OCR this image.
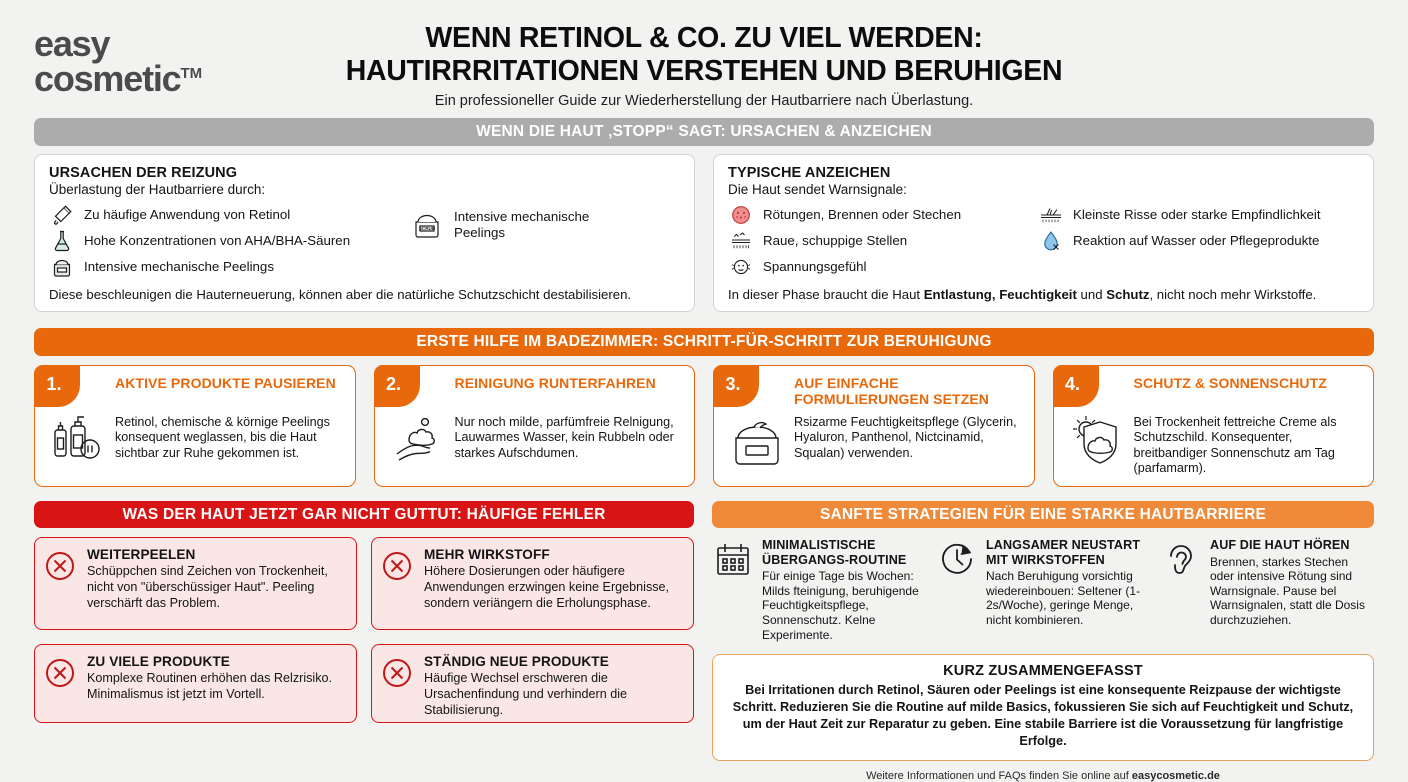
easy
cosmetic™
WENN RETINOL & CO. ZU VIEL WERDEN:
HAUTIRRRITATIONEN VERSTEHEN UND BERUHIGEN
Ein professioneller Guide zur Wiederherstellung der Hautbarriere nach Überlastung.
WENN DIE HAUT ‚STOPP“ SAGT: URSACHEN & ANZEICHEN
URSACHEN DER REIZUNG
Überlastung der Hautbarriere durch:
Zu häufige Anwendung von Retinol
Hohe Konzentrationen von AHA/BHA-Säuren
Intensive mechanische Peelings
SCRUB
Intensive mechanische Peelings
Diese beschleunigen die Hauterneuerung, können aber die natürliche Schutzschicht destabilisieren.
TYPISCHE ANZEICHEN
Die Haut sendet Warnsignale:
Rötungen, Brennen oder Stechen
Raue, schuppige Stellen
Spannungsgefühl
Kleinste Risse oder starke Empfindlichkeit
Reaktion auf Wasser oder Pflegeprodukte
In dieser Phase braucht die Haut Entlastung, Feuchtigkeit und Schutz, nicht noch mehr Wirkstoffe.
ERSTE HILFE IM BADEZIMMER: SCHRITT-FÜR-SCHRITT ZUR BERUHIGUNG
1.	AKTIVE PRODUKTE PAUSIEREN
Retinol, chemische & körnige Peelings konsequent weglassen, bis die Haut sichtbar zur Ruhe gekommen ist.
2.	REINIGUNG RUNTERFAHREN
Nur noch milde, parfümfreie Relnigung, Lauwarmes Wasser, kein Rubbeln oder starkes Aufschdumen.
3.	AUF EINFACHE FORMULIERUNGEN SETZEN
Rsizarme Feuchtigkeitspflege (Glycerin, Hyaluron, Panthenol, Nictcinamid, Squalan) verwenden.
4.	SCHUTZ & SONNENSCHUTZ
Bei Trockenheit fettreiche Creme als Schutzschild. Konsequenter, breitbandiger Sonnenschutz am Tag (parfamarm).
WAS DER HAUT JETZT GAR NICHT GUTTUT: HÄUFIGE FEHLER
WEITERPEELEN
Schüppchen sind Zeichen von Trockenheit, nicht von "überschüssiger Haut". Peeling verschärft das Problem.
MEHR WIRKSTOFF
Höhere Dosierungen oder häufigere Anwendungen erzwingen keine Ergebnisse, sondern veriängern die Erholungsphase.
ZU VIELE PRODUKTE
Komplexe Routinen erhöhen das Relzrisiko. Minimalismus ist jetzt im Vortell.
STÄNDIG NEUE PRODUKTE
Häufige Wechsel erschweren die Ursachenfindung und verhindern die Stabilisierung.
SANFTE STRATEGIEN FÜR EINE STARKE HAUTBARRIERE
MINIMALISTISCHE ÜBERGANGS-ROUTINE
Für einige Tage bis Wochen: Milds fteinigung, beruhigende Feuchtigkeitspflege, Sonnenschutz. Kelne Experimente.
LANGSAMER NEUSTART MIT WIRKSTOFFEN
Nach Beruhigung vorsichtig wiedereinbouen: Seltener (1-2s/Woche), geringe Menge, nicht kombinieren.
AUF DIE HAUT HÖREN
Brennen, starkes Stechen oder intensive Rötung sind Warnsignale. Pause bel Warnsignalen, statt dle Dosis durchzuziehen.
KURZ ZUSAMMENGEFASST
Bei Irritationen durch Retinol, Säuren oder Peelings ist eine konsequente Reizpause der wichtigste Schritt. Reduzieren Sie die Routine auf milde Basics, fokussieren Sie sich auf Feuchtigkeit und Schutz, um der Haut Zeit zur Reparatur zu geben. Eine stabile Barriere ist die Voraussetzung für langfristige Erfolge.
Weitere Informationen und FAQs finden Sie online auf easycosmetic.de
